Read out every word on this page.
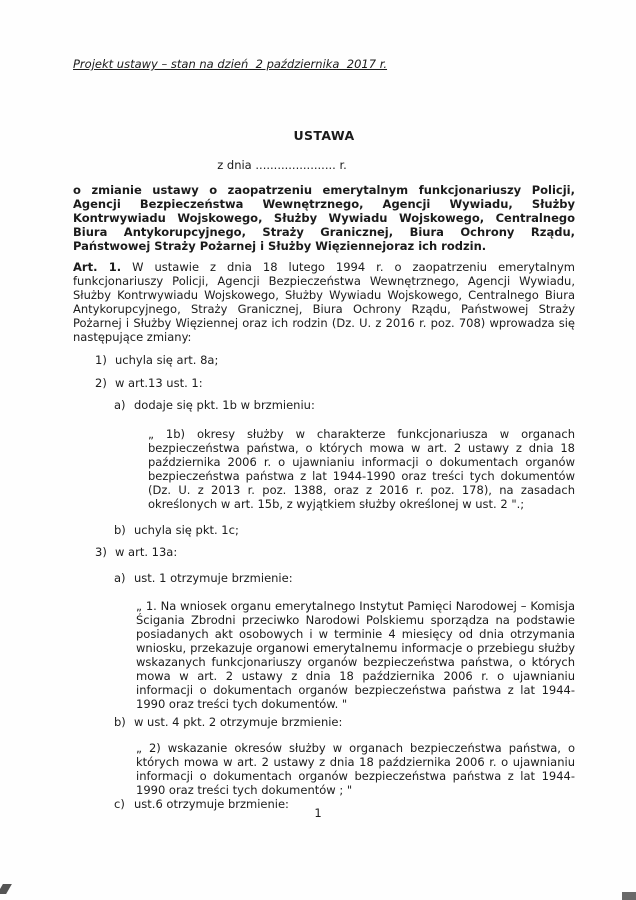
Projekt ustawy – stan na dzień  2 października  2017 r.
USTAWA
z dnia ...................... r.

o zmianie ustawy o zaopatrzeniu emerytalnym funkcjonariuszy Policji, Agencji Bezpieczeństwa Wewnętrznego, Agencji Wywiadu, Służby Kontrwywiadu Wojskowego, Służby Wywiadu Wojskowego, Centralnego Biura Antykorupcyjnego, Straży Granicznej, Biura Ochrony Rządu, Państwowej Straży Pożarnej i Służby Więziennejoraz ich rodzin.

Art. 1. W ustawie z dnia 18 lutego 1994 r. o zaopatrzeniu emerytalnym funkcjonariuszy Policji, Agencji Bezpieczeństwa Wewnętrznego, Agencji Wywiadu, Służby Kontrwywiadu Wojskowego, Służby Wywiadu Wojskowego, Centralnego Biura Antykorupcyjnego, Straży Granicznej, Biura Ochrony Rządu, Państwowej Straży Pożarnej i Służby Więziennej oraz ich rodzin (Dz. U. z 2016 r. poz. 708) wprowadza się następujące zmiany:

1) uchyla się art. 8a;
2) w art.13 ust. 1:
a) dodaje się pkt. 1b w brzmieniu:

„ 1b) okresy służby w charakterze funkcjonariusza w organach bezpieczeństwa państwa, o których mowa w art. 2 ustawy z dnia 18 października 2006 r. o ujawnianiu informacji o dokumentach organów bezpieczeństwa państwa z lat 1944-1990 oraz treści tych dokumentów (Dz. U. z 2013 r. poz. 1388, oraz z 2016 r. poz. 178), na zasadach określonych w art. 15b, z wyjątkiem służby określonej w ust. 2 ".;

b) uchyla się pkt. 1c;
3) w art. 13a:
a) ust. 1 otrzymuje brzmienie:

„ 1. Na wniosek organu emerytalnego Instytut Pamięci Narodowej – Komisja Ścigania Zbrodni przeciwko Narodowi Polskiemu sporządza na podstawie posiadanych akt osobowych i w terminie 4 miesięcy od dnia otrzymania wniosku, przekazuje organowi emerytalnemu informacje o przebiegu służby wskazanych funkcjonariuszy organów bezpieczeństwa państwa, o których mowa w art. 2 ustawy z dnia 18 października 2006 r. o ujawnianiu informacji o dokumentach organów bezpieczeństwa państwa z lat 1944-1990 oraz treści tych dokumentów. "

b) w ust. 4 pkt. 2 otrzymuje brzmienie:

„ 2) wskazanie okresów służby w organach bezpieczeństwa państwa, o których mowa w art. 2 ustawy z dnia 18 października 2006 r. o ujawnianiu informacji o dokumentach organów bezpieczeństwa państwa z lat 1944-1990 oraz treści tych dokumentów ; "

c) ust.6 otrzymuje brzmienie:
1
